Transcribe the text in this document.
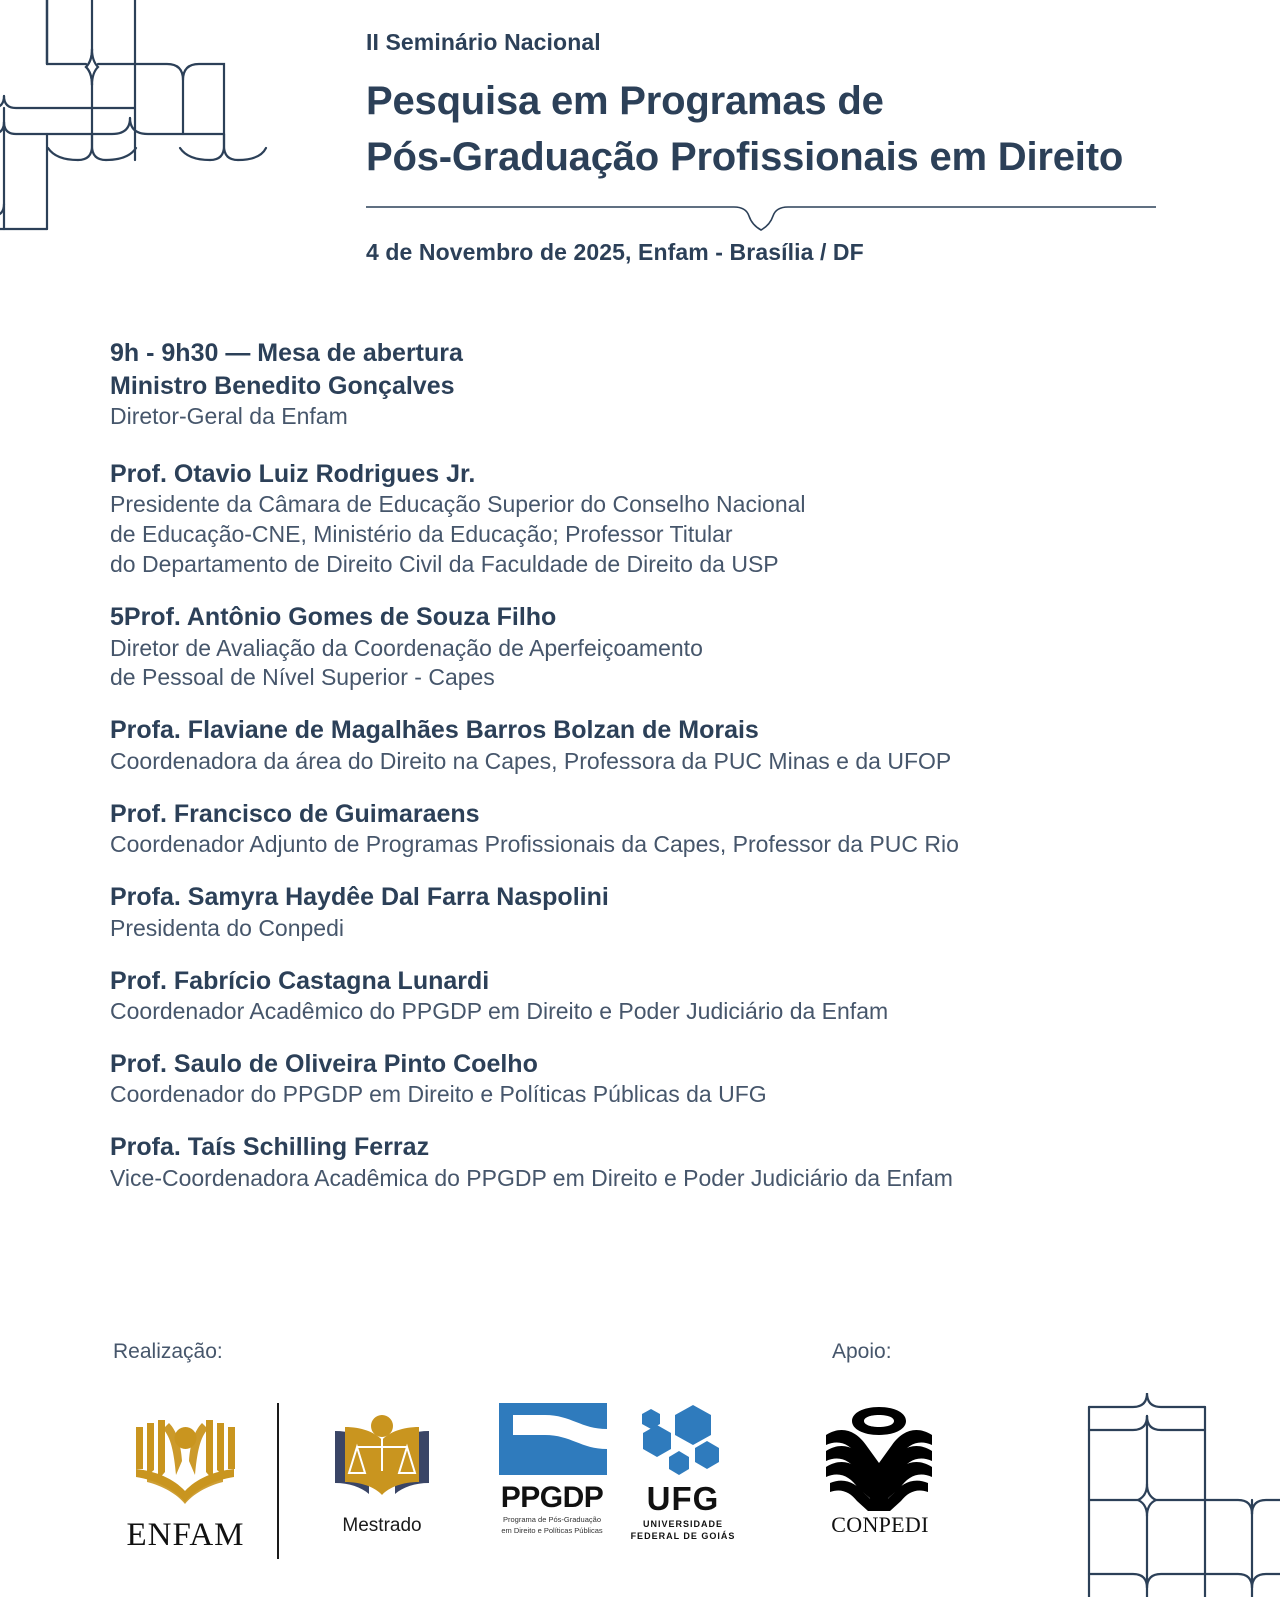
II Seminário Nacional
Pesquisa em Programas de
Pós-Graduação Profissionais em Direito
4 de Novembro de 2025, Enfam - Brasília / DF
9h - 9h30 — Mesa de abertura
Ministro Benedito Gonçalves
Diretor-Geral da Enfam
Prof. Otavio Luiz Rodrigues Jr.
Presidente da Câmara de Educação Superior do Conselho Nacional
de Educação-CNE, Ministério da Educação; Professor Titular
do Departamento de Direito Civil da Faculdade de Direito da USP
5Prof. Antônio Gomes de Souza Filho
Diretor de Avaliação da Coordenação de Aperfeiçoamento
de Pessoal de Nível Superior - Capes
Profa. Flaviane de Magalhães Barros Bolzan de Morais
Coordenadora da área do Direito na Capes, Professora da PUC Minas e da UFOP
Prof. Francisco de Guimaraens
Coordenador Adjunto de Programas Profissionais da Capes, Professor da PUC Rio
Profa. Samyra Haydêe Dal Farra Naspolini
Presidenta do Conpedi
Prof. Fabrício Castagna Lunardi
Coordenador Acadêmico do PPGDP em Direito e Poder Judiciário da Enfam
Prof. Saulo de Oliveira Pinto Coelho
Coordenador do PPGDP em Direito e Políticas Públicas da UFG
Profa. Taís Schilling Ferraz
Vice-Coordenadora Acadêmica do PPGDP em Direito e Poder Judiciário da Enfam
Realização:	Apoio:
ENFAM	Mestrado
PPGDP
Programa de Pós-Graduação
em Direito e Políticas Públicas
UFG
UNIVERSIDADE
FEDERAL DE GOIÁS	CONPEDI
